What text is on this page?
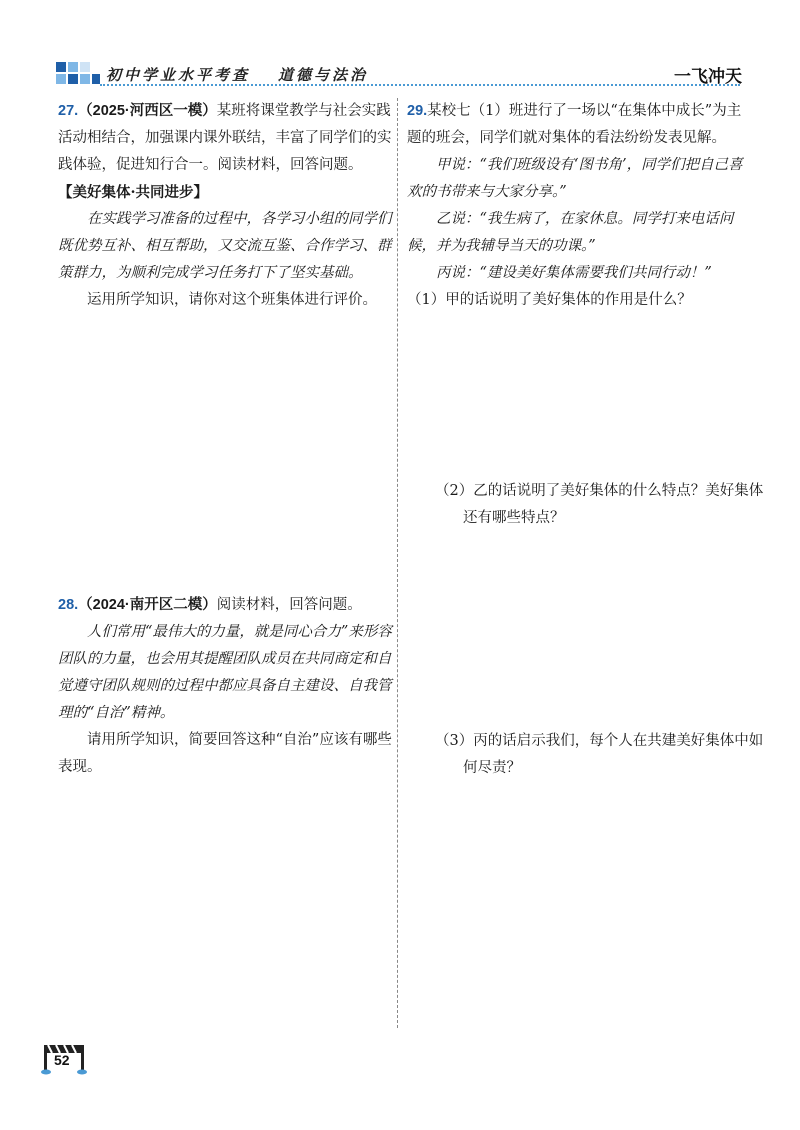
初中学业水平考查 道德与法治	一飞冲天

27.（2025·河西区一模）某班将课堂教学与社会实践活动相结合，加强课内课外联结，丰富了同学们的实践体验，促进知行合一。阅读材料，回答问题。

【美好集体·共同进步】

在实践学习准备的过程中，各学习小组的同学们既优势互补、相互帮助，又交流互鉴、合作学习、群策群力，为顺利完成学习任务打下了坚实基础。

运用所学知识，请你对这个班集体进行评价。

28.（2024·南开区二模）阅读材料，回答问题。

人们常用“最伟大的力量，就是同心合力”来形容团队的力量，也会用其提醒团队成员在共同商定和自觉遵守团队规则的过程中都应具备自主建设、自我管理的“自治”精神。

请用所学知识，简要回答这种“自治”应该有哪些表现。

29.某校七（1）班进行了一场以“在集体中成长”为主题的班会，同学们就对集体的看法纷纷发表见解。

甲说：“我们班级设有‘图书角’，同学们把自己喜欢的书带来与大家分享。”

乙说：“我生病了，在家休息。同学打来电话问候，并为我辅导当天的功课。”

丙说：“建设美好集体需要我们共同行动！”

（1）甲的话说明了美好集体的作用是什么？

（2）乙的话说明了美好集体的什么特点？美好集体还有哪些特点？
（3）丙的话启示我们，每个人在共建美好集体中如何尽责？
52
